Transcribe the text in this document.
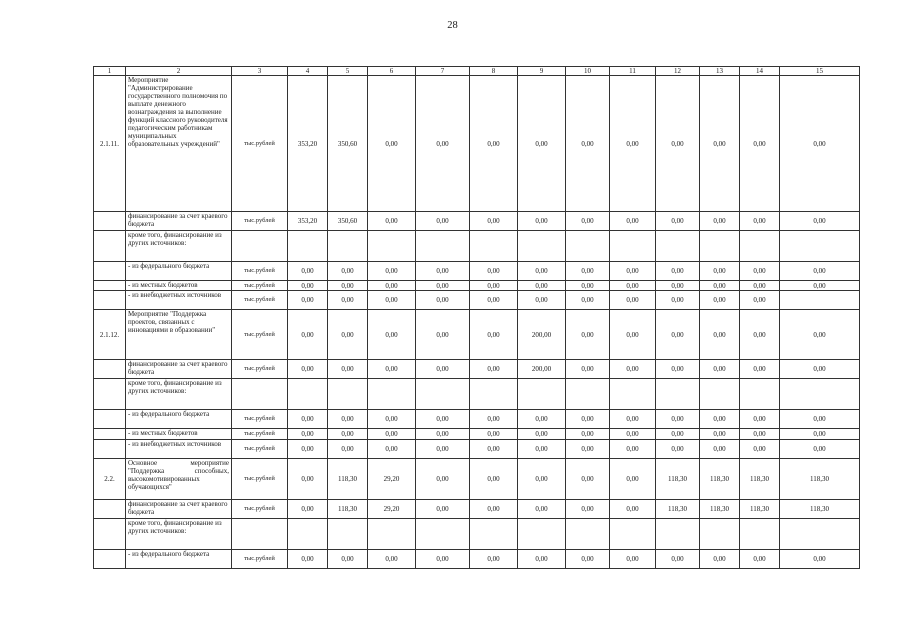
28
1	2	3	4	5	6	7	8	9	10	11	12	13	14	15
2.1.11.	Мероприятие "Администрирование государственного полномочия по выплате денежного вознаграждения за выполнение функций классного руководителя педагогическим работникам муниципальных образовательных учреждений"	тыс.рублей	353,20	350,60	0,00	0,00	0,00	0,00	0,00	0,00	0,00	0,00	0,00	0,00
	финансирование за счет краевого бюджета	тыс.рублей	353,20	350,60	0,00	0,00	0,00	0,00	0,00	0,00	0,00	0,00	0,00	0,00
	кроме того, финансирование из других источников:													
	- из федерального бюджета	тыс.рублей	0,00	0,00	0,00	0,00	0,00	0,00	0,00	0,00	0,00	0,00	0,00	0,00
	- из местных бюджетов	тыс.рублей	0,00	0,00	0,00	0,00	0,00	0,00	0,00	0,00	0,00	0,00	0,00	0,00
	- из внебюджетных источников	тыс.рублей	0,00	0,00	0,00	0,00	0,00	0,00	0,00	0,00	0,00	0,00	0,00	
2.1.12.	Мероприятие "Поддержка проектов, связанных с инновациями в образовании"	тыс.рублей	0,00	0,00	0,00	0,00	0,00	200,00	0,00	0,00	0,00	0,00	0,00	0,00
	финансирование за счет краевого бюджета	тыс.рублей	0,00	0,00	0,00	0,00	0,00	200,00	0,00	0,00	0,00	0,00	0,00	0,00
	кроме того, финансирование из других источников:													
	- из федерального бюджета	тыс.рублей	0,00	0,00	0,00	0,00	0,00	0,00	0,00	0,00	0,00	0,00	0,00	0,00
	- из местных бюджетов	тыс.рублей	0,00	0,00	0,00	0,00	0,00	0,00	0,00	0,00	0,00	0,00	0,00	0,00
	- из внебюджетных источников	тыс.рублей	0,00	0,00	0,00	0,00	0,00	0,00	0,00	0,00	0,00	0,00	0,00	0,00
2.2.	Основное мероприятие "Поддержка способных, высокомотивированных обучающихся"	тыс.рублей	0,00	118,30	29,20	0,00	0,00	0,00	0,00	0,00	118,30	118,30	118,30	118,30
	финансирование за счет краевого бюджета	тыс.рублей	0,00	118,30	29,20	0,00	0,00	0,00	0,00	0,00	118,30	118,30	118,30	118,30
	кроме того, финансирование из других источников:													
	- из федерального бюджета	тыс.рублей	0,00	0,00	0,00	0,00	0,00	0,00	0,00	0,00	0,00	0,00	0,00	0,00
